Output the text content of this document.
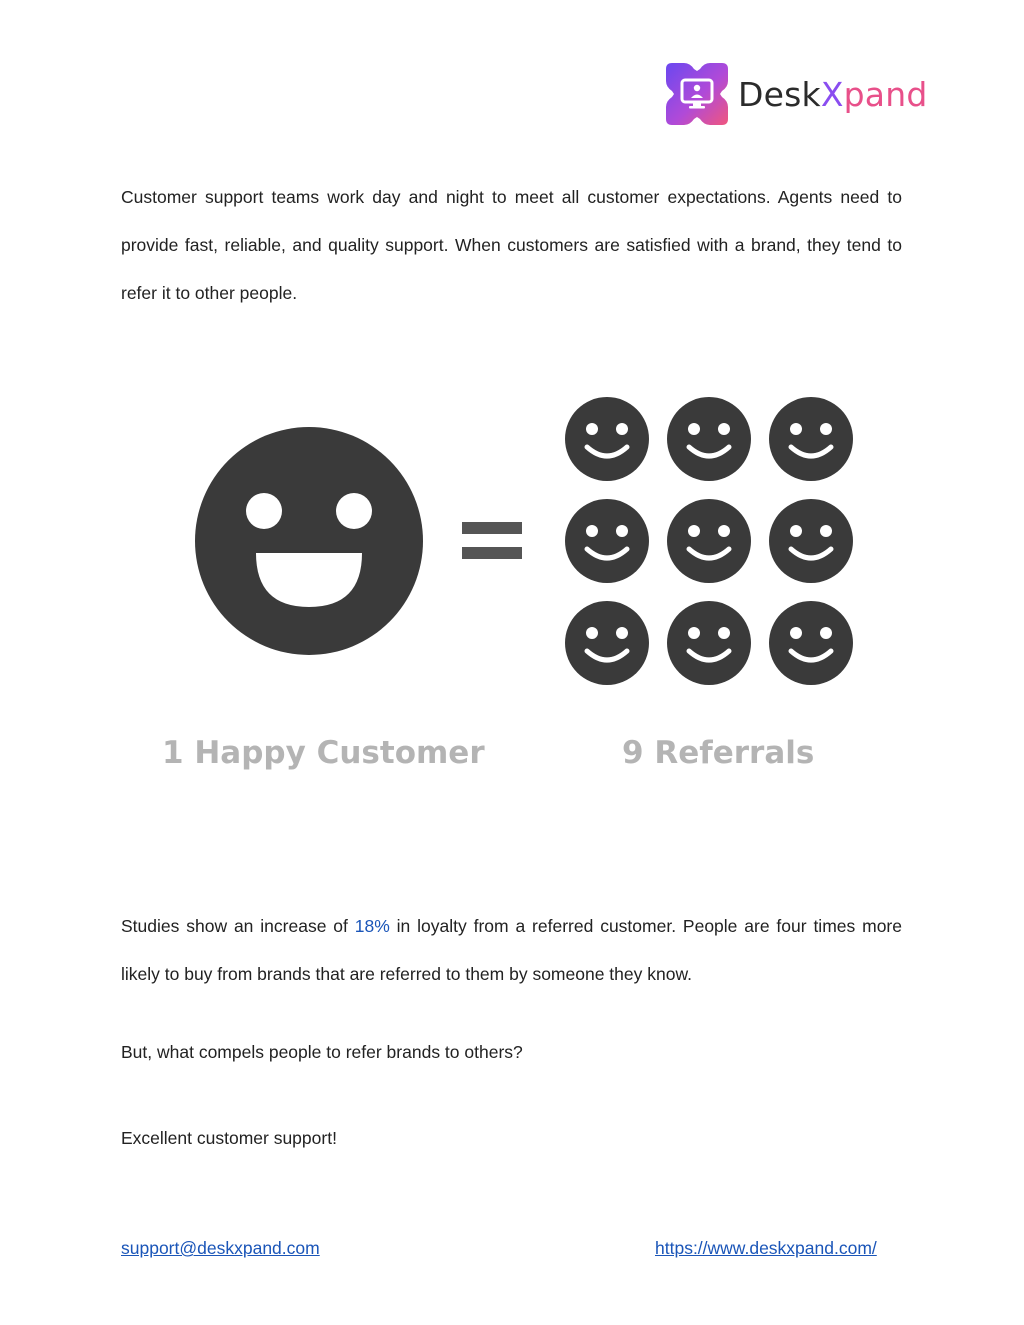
DeskXpand

Customer support teams work day and night to meet all customer expectations. Agents need to provide fast, reliable, and quality support. When customers are satisfied with a brand, they tend to refer it to other people.

1 Happy Customer	9 Referrals

Studies show an increase of 18% in loyalty from a referred customer. People are four times more likely to buy from brands that are referred to them by someone they know.

But, what compels people to refer brands to others?

Excellent customer support!

support@deskxpand.com	https://www.deskxpand.com/
